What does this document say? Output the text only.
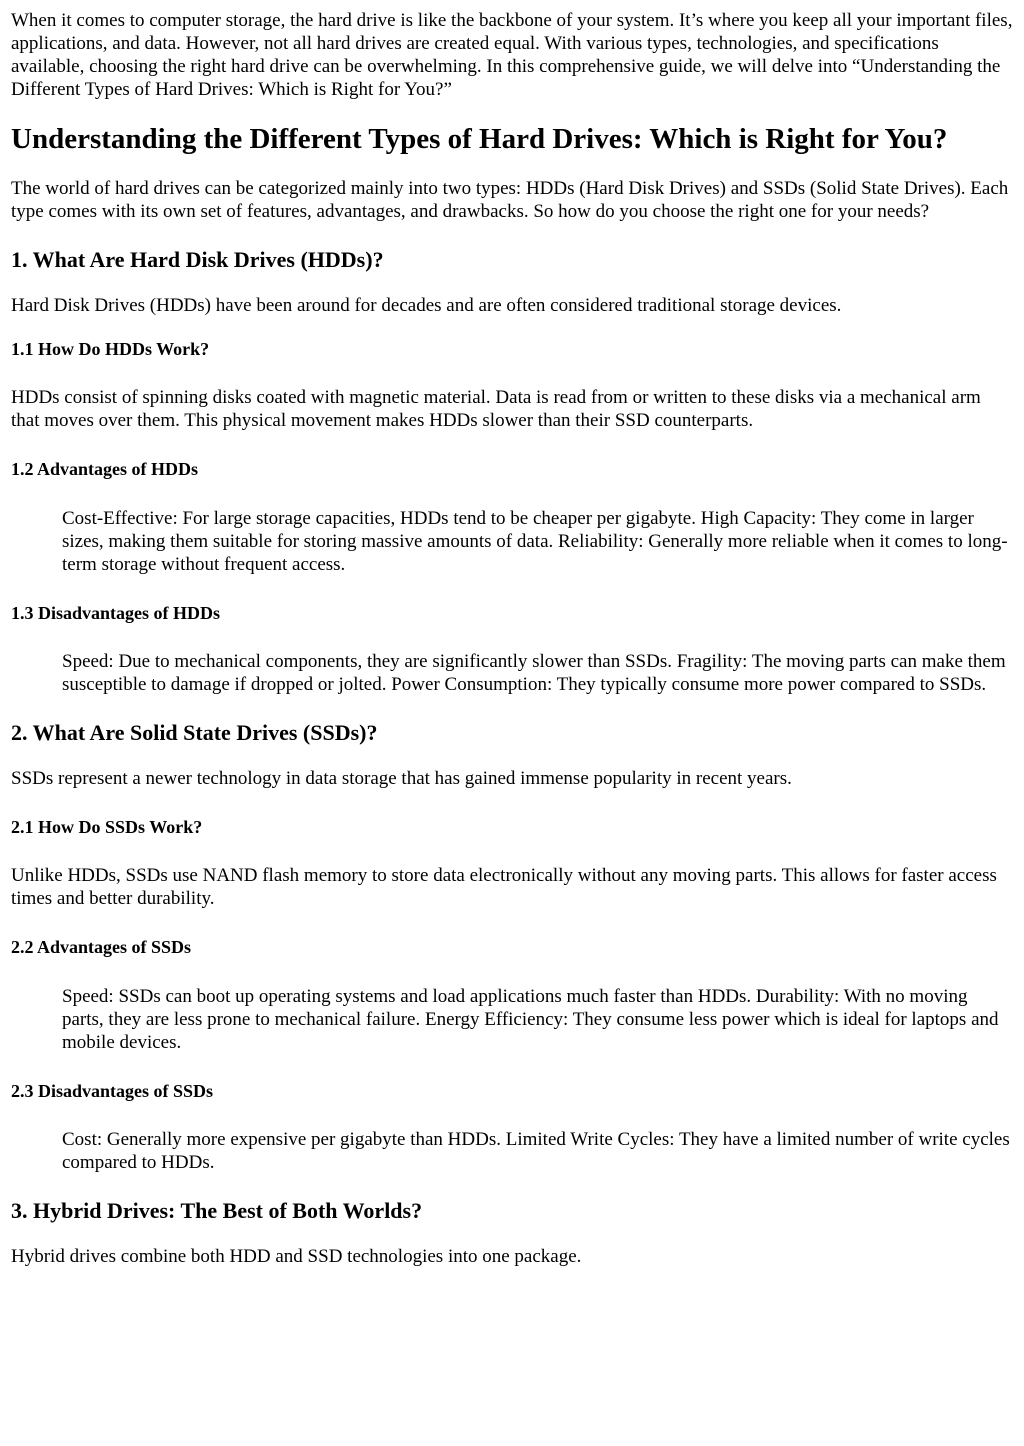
When it comes to computer storage, the hard drive is like the backbone of your system. It’s where you keep all your important files, applications, and data. However, not all hard drives are created equal. With various types, technologies, and specifications available, choosing the right hard drive can be overwhelming. In this comprehensive guide, we will delve into “Understanding the Different Types of Hard Drives: Which is Right for You?”

Understanding the Different Types of Hard Drives: Which is Right for You?

The world of hard drives can be categorized mainly into two types: HDDs (Hard Disk Drives) and SSDs (Solid State Drives). Each type comes with its own set of features, advantages, and drawbacks. So how do you choose the right one for your needs?

1. What Are Hard Disk Drives (HDDs)?

Hard Disk Drives (HDDs) have been around for decades and are often considered traditional storage devices.

1.1 How Do HDDs Work?

HDDs consist of spinning disks coated with magnetic material. Data is read from or written to these disks via a mechanical arm that moves over them. This physical movement makes HDDs slower than their SSD counterparts.

1.2 Advantages of HDDs
Cost-Effective: For large storage capacities, HDDs tend to be cheaper per gigabyte. High Capacity: They come in larger sizes, making them suitable for storing massive amounts of data. Reliability: Generally more reliable when it comes to long-term storage without frequent access.
1.3 Disadvantages of HDDs
Speed: Due to mechanical components, they are significantly slower than SSDs. Fragility: The moving parts can make them susceptible to damage if dropped or jolted. Power Consumption: They typically consume more power compared to SSDs.
2. What Are Solid State Drives (SSDs)?

SSDs represent a newer technology in data storage that has gained immense popularity in recent years.

2.1 How Do SSDs Work?

Unlike HDDs, SSDs use NAND flash memory to store data electronically without any moving parts. This allows for faster access times and better durability.

2.2 Advantages of SSDs
Speed: SSDs can boot up operating systems and load applications much faster than HDDs. Durability: With no moving parts, they are less prone to mechanical failure. Energy Efficiency: They consume less power which is ideal for laptops and mobile devices.
2.3 Disadvantages of SSDs
Cost: Generally more expensive per gigabyte than HDDs. Limited Write Cycles: They have a limited number of write cycles compared to HDDs.
3. Hybrid Drives: The Best of Both Worlds?

Hybrid drives combine both HDD and SSD technologies into one package.
